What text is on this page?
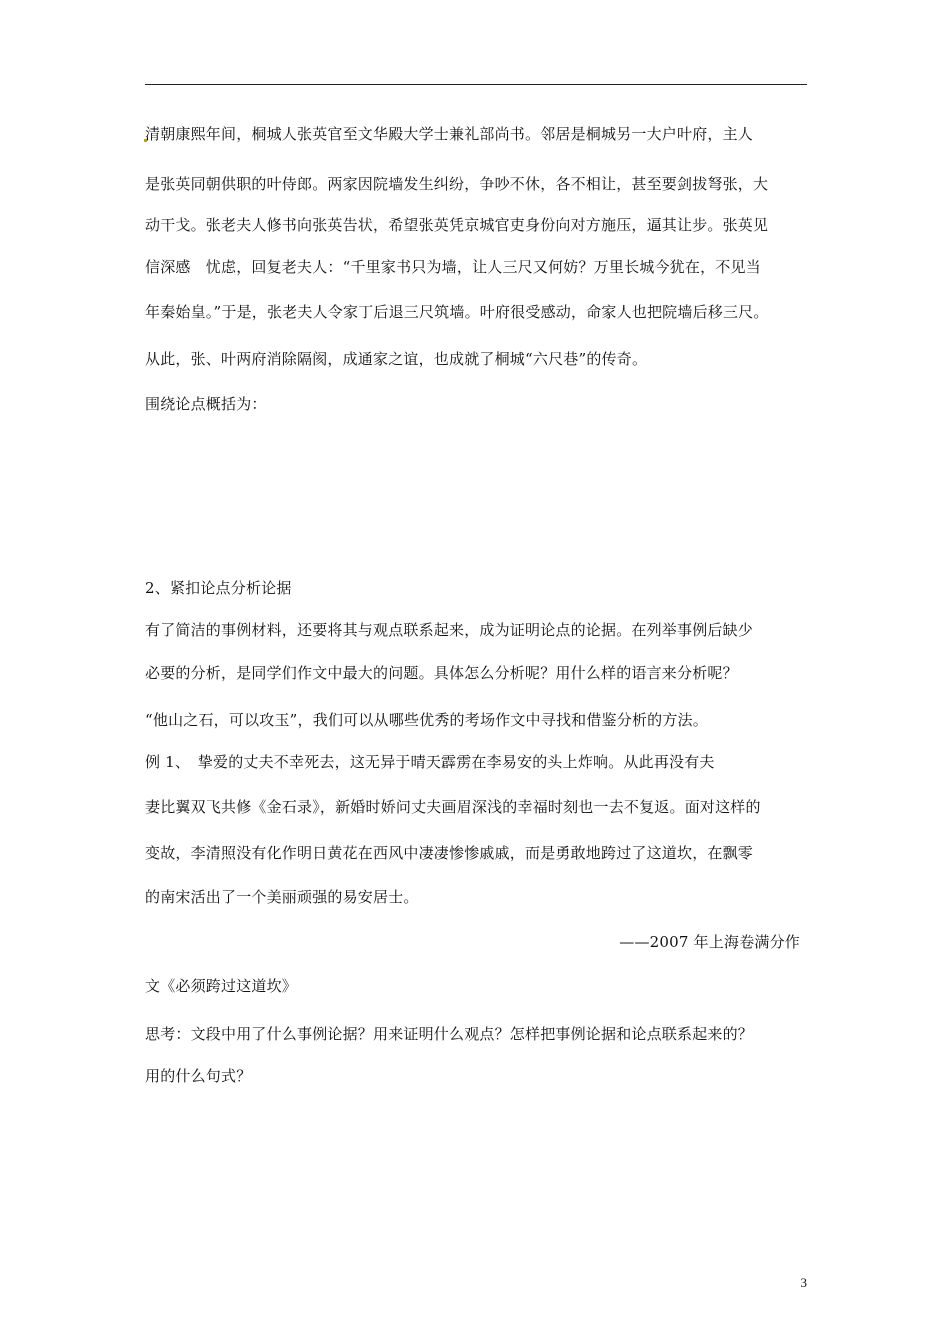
清朝康熙年间，桐城人张英官至文华殿大学士兼礼部尚书。邻居是桐城另一大户叶府，主人
是张英同朝供职的叶侍郎。两家因院墙发生纠纷，争吵不休，各不相让，甚至要剑拔弩张，大
动干戈。张老夫人修书向张英告状，希望张英凭京城官吏身份向对方施压，逼其让步。张英见
信深感　忧虑，回复老夫人：“千里家书只为墙，让人三尺又何妨？万里长城今犹在，不见当
年秦始皇。”于是，张老夫人令家丁后退三尺筑墙。叶府很受感动，命家人也把院墙后移三尺。
从此，张、叶两府消除隔阂，成通家之谊，也成就了桐城“六尺巷”的传奇。
围绕论点概括为：
2、紧扣论点分析论据
有了简洁的事例材料，还要将其与观点联系起来，成为证明论点的论据。在列举事例后缺少
必要的分析，是同学们作文中最大的问题。具体怎么分析呢？用什么样的语言来分析呢？
“他山之石，可以攻玉”，我们可以从哪些优秀的考场作文中寻找和借鉴分析的方法。
例 1、　挚爱的丈夫不幸死去，这无异于晴天霹雳在李易安的头上炸响。从此再没有夫
妻比翼双飞共修《金石录》，新婚时娇问丈夫画眉深浅的幸福时刻也一去不复返。面对这样的
变故，李清照没有化作明日黄花在西风中凄凄惨惨戚戚，而是勇敢地跨过了这道坎，在飘零
的南宋活出了一个美丽顽强的易安居士。
——2007 年上海卷满分作
文《必须跨过这道坎》
思考：文段中用了什么事例论据？用来证明什么观点？怎样把事例论据和论点联系起来的？
用的什么句式？
3
